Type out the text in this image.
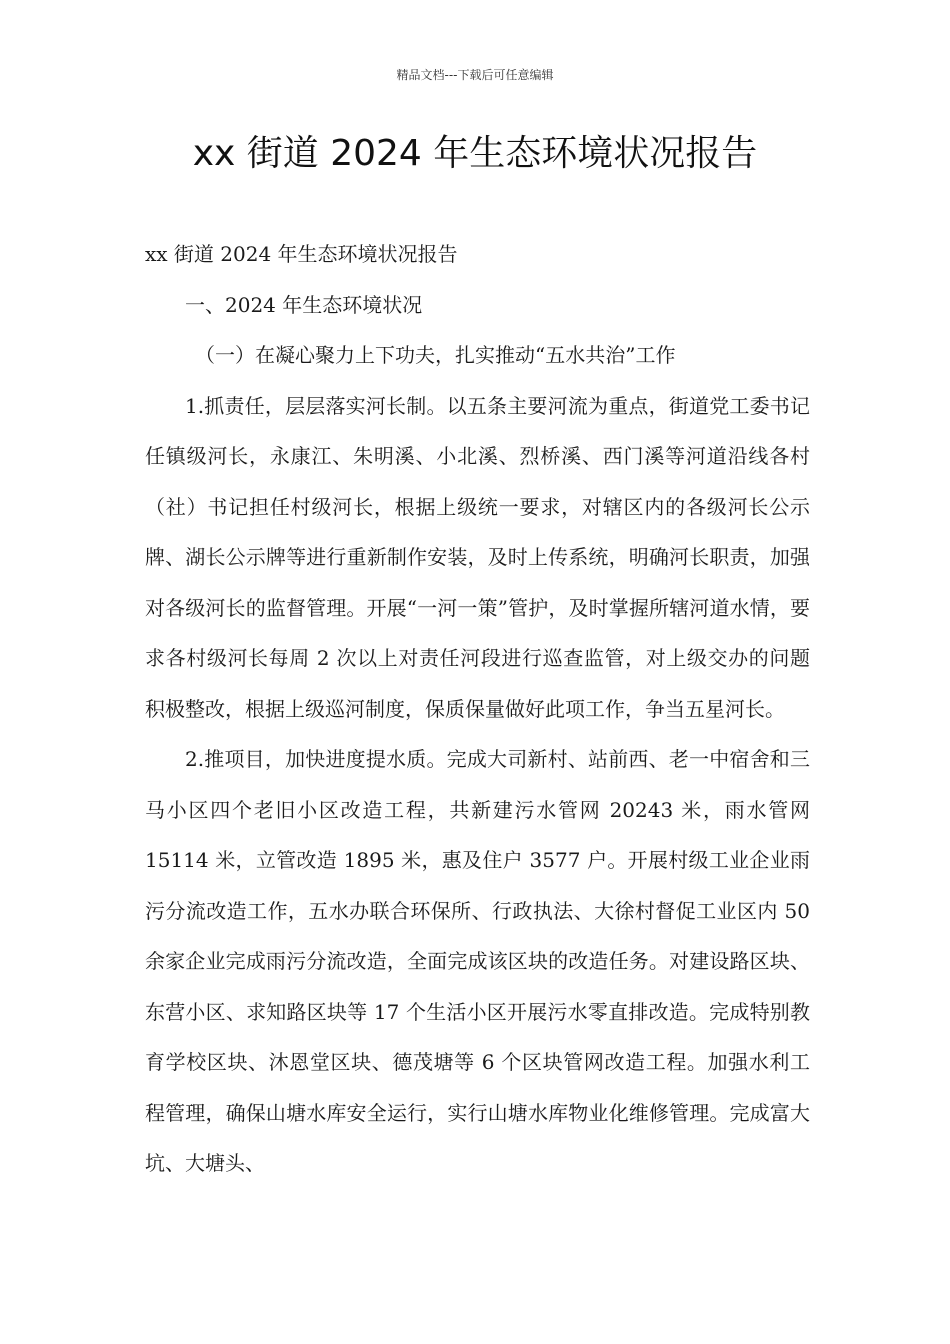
精品文档---下载后可任意编辑
xx 街道 2024 年生态环境状况报告

xx 街道 2024 年生态环境状况报告

一、2024 年生态环境状况

（一）在凝心聚力上下功夫，扎实推动“五水共治”工作

1.抓责任，层层落实河长制。以五条主要河流为重点，街道党工委书记任镇级河长，永康江、朱明溪、小北溪、烈桥溪、西门溪等河道沿线各村（社）书记担任村级河长，根据上级统一要求，对辖区内的各级河长公示牌、湖长公示牌等进行重新制作安装，及时上传系统，明确河长职责，加强对各级河长的监督管理。开展“一河一策”管护，及时掌握所辖河道水情，要求各村级河长每周 2 次以上对责任河段进行巡查监管，对上级交办的问题积极整改，根据上级巡河制度，保质保量做好此项工作，争当五星河长。

2.推项目，加快进度提水质。完成大司新村、站前西、老一中宿舍和三马小区四个老旧小区改造工程，共新建污水管网 20243 米，雨水管网 15114 米，立管改造 1895 米，惠及住户 3577 户。开展村级工业企业雨污分流改造工作，五水办联合环保所、行政执法、大徐村督促工业区内 50 余家企业完成雨污分流改造，全面完成该区块的改造任务。对建设路区块、东营小区、求知路区块等 17 个生活小区开展污水零直排改造。完成特别教育学校区块、沐恩堂区块、德茂塘等 6 个区块管网改造工程。加强水利工程管理，确保山塘水库安全运行，实行山塘水库物业化维修管理。完成富大坑、大塘头、
